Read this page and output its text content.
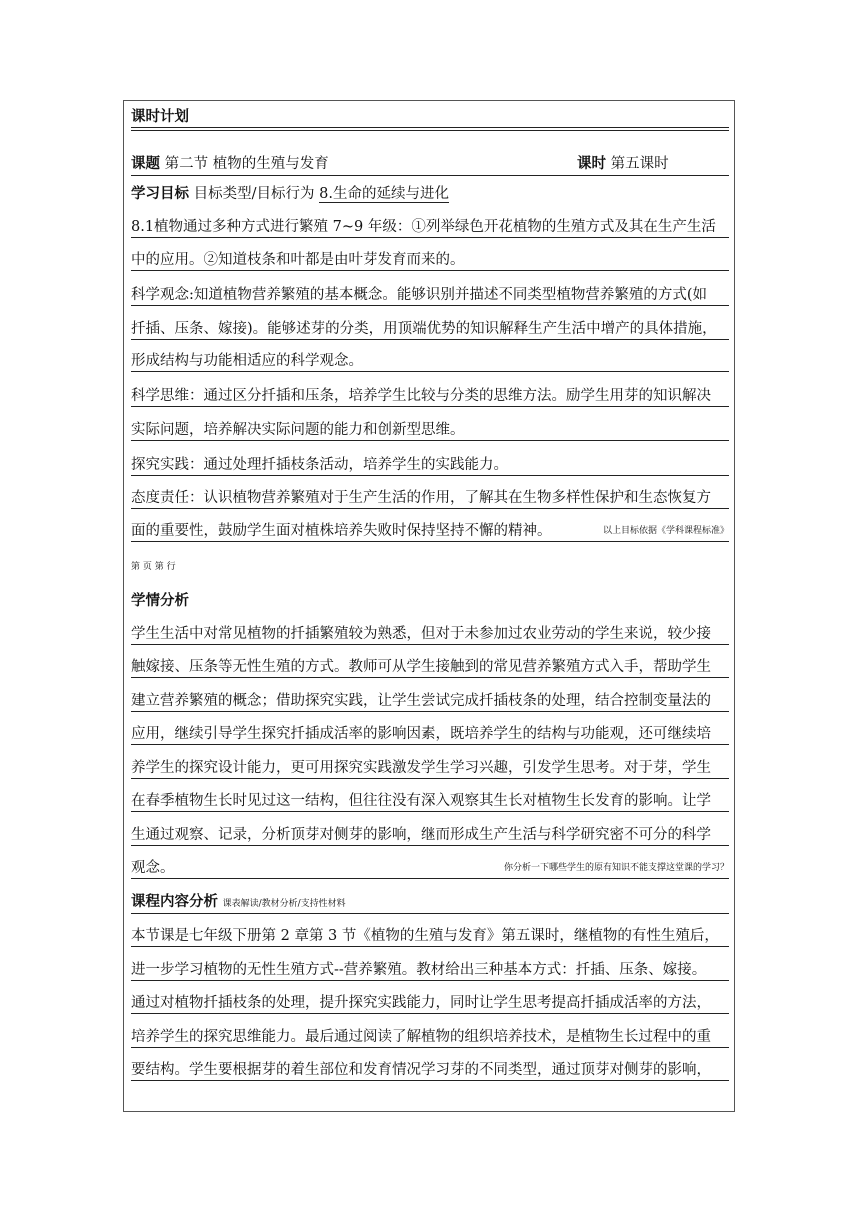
课时计划
课题 第二节 植物的生殖与发育	课时 第五课时
学习目标 目标类型/目标行为 8.生命的延续与进化
8.1植物通过多种方式进行繁殖 7~9 年级：①列举绿色开花植物的生殖方式及其在生产生活
中的应用。②知道枝条和叶都是由叶芽发育而来的。
科学观念:知道植物营养繁殖的基本概念。能够识别并描述不同类型植物营养繁殖的方式(如
扦插、压条、嫁接)。能够述芽的分类，用顶端优势的知识解释生产生活中增产的具体措施，
形成结构与功能相适应的科学观念。
科学思维：通过区分扦插和压条，培养学生比较与分类的思维方法。励学生用芽的知识解决
实际问题，培养解决实际问题的能力和创新型思维。
探究实践：通过处理扦插枝条活动，培养学生的实践能力。
态度责任：认识植物营养繁殖对于生产生活的作用，了解其在生物多样性保护和生态恢复方
面的重要性，鼓励学生面对植株培养失败时保持坚持不懈的精神。	以上目标依据《学科课程标准》
第 页 第 行
学情分析
学生生活中对常见植物的扦插繁殖较为熟悉，但对于未参加过农业劳动的学生来说，较少接
触嫁接、压条等无性生殖的方式。教师可从学生接触到的常见营养繁殖方式入手，帮助学生
建立营养繁殖的概念；借助探究实践，让学生尝试完成扦插枝条的处理，结合控制变量法的
应用，继续引导学生探究扦插成活率的影响因素，既培养学生的结构与功能观，还可继续培
养学生的探究设计能力，更可用探究实践激发学生学习兴趣，引发学生思考。对于芽，学生
在春季植物生长时见过这一结构，但往往没有深入观察其生长对植物生长发育的影响。让学
生通过观察、记录，分析顶芽对侧芽的影响，继而形成生产生活与科学研究密不可分的科学
观念。	你分析一下哪些学生的原有知识不能支撑这堂课的学习？
课程内容分析 课表解读/教材分析/支持性材料
本节课是七年级下册第 2 章第 3 节《植物的生殖与发育》第五课时，继植物的有性生殖后，
进一步学习植物的无性生殖方式--营养繁殖。教材给出三种基本方式：扦插、压条、嫁接。
通过对植物扦插枝条的处理，提升探究实践能力，同时让学生思考提高扦插成活率的方法，
培养学生的探究思维能力。最后通过阅读了解植物的组织培养技术，是植物生长过程中的重
要结构。学生要根据芽的着生部位和发育情况学习芽的不同类型，通过顶芽对侧芽的影响，
